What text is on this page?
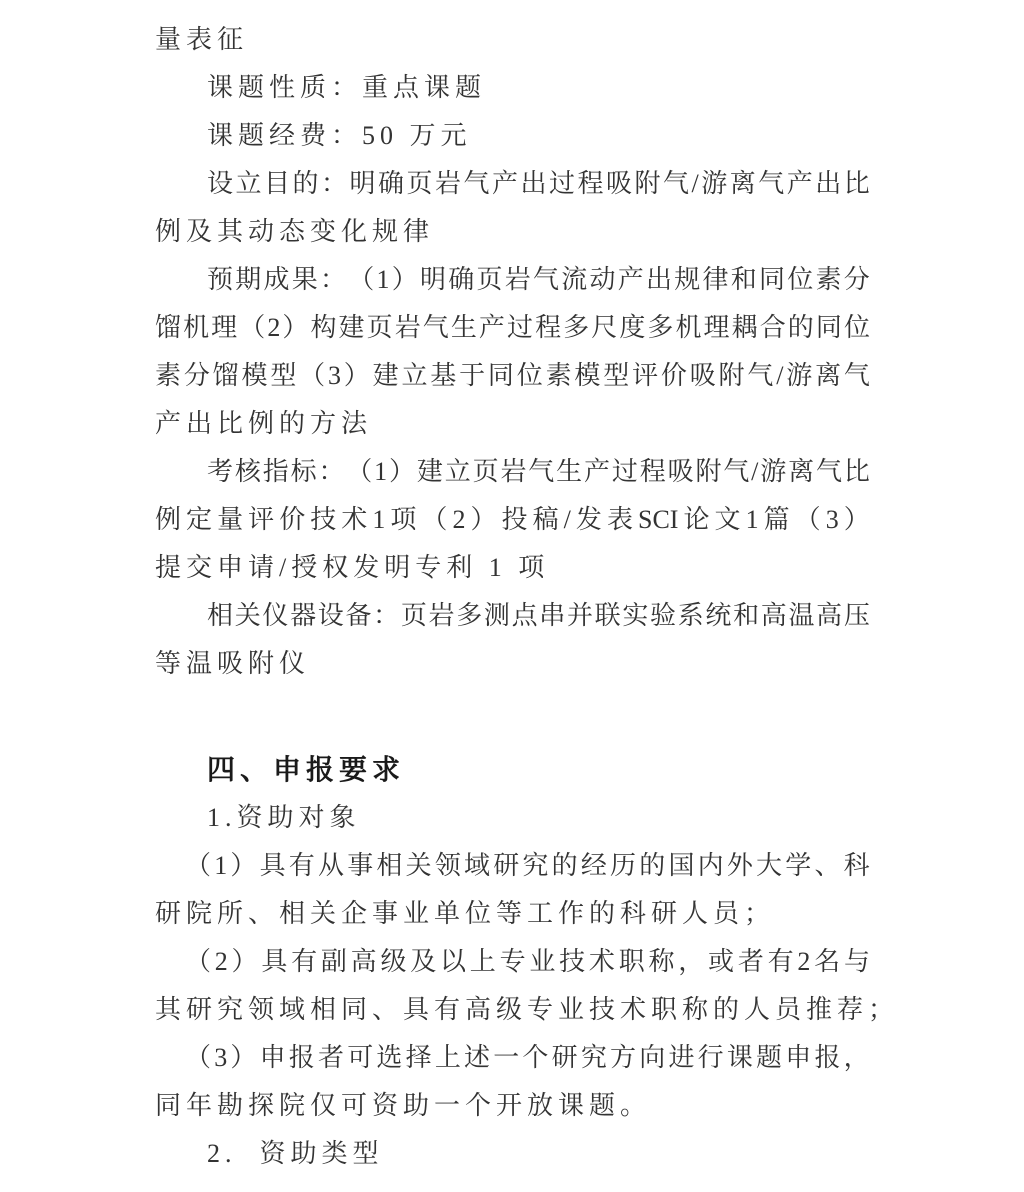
量表征
课题性质：重点课题
课题经费：50 万元
设 立 目 的 ： 明 确 页 岩 气 产 出 过 程 吸 附 气 / 游 离 气 产 出 比
例及其动态变化规律
预 期 成 果 ： （ 1 ） 明 确 页 岩 气 流 动 产 出 规 律 和 同 位 素 分
馏 机 理 （ 2 ） 构 建 页 岩 气 生 产 过 程 多 尺 度 多 机 理 耦 合 的 同 位
素 分 馏 模 型 （ 3 ） 建 立 基 于 同 位 素 模 型 评 价 吸 附 气 / 游 离 气
产出比例的方法
考 核 指 标 ： （ 1 ） 建 立 页 岩 气 生 产 过 程 吸 附 气 / 游 离 气 比
例 定 量 评 价 技 术 1 项 （ 2 ） 投 稿 / 发 表 SCI 论 文 1 篇 （ 3 ）
提交申请/授权发明专利 1 项
相 关 仪 器 设 备 ： 页 岩 多 测 点 串 并 联 实 验 系 统 和 高 温 高 压
等温吸附仪
四、申报要求
1.资助对象
（ 1 ） 具 有 从 事 相 关 领 域 研 究 的 经 历 的 国 内 外 大 学 、 科
研院所、相关企事业单位等工作的科研人员；
（ 2 ） 具 有 副 高 级 及 以 上 专 业 技 术 职 称 ， 或 者 有 2 名 与
其研究领域相同、具有高级专业技术职称的人员推荐；
（ 3 ） 申 报 者 可 选 择 上 述 一 个 研 究 方 向 进 行 课 题 申 报 ，
同年勘探院仅可资助一个开放课题。
2.  资助类型
